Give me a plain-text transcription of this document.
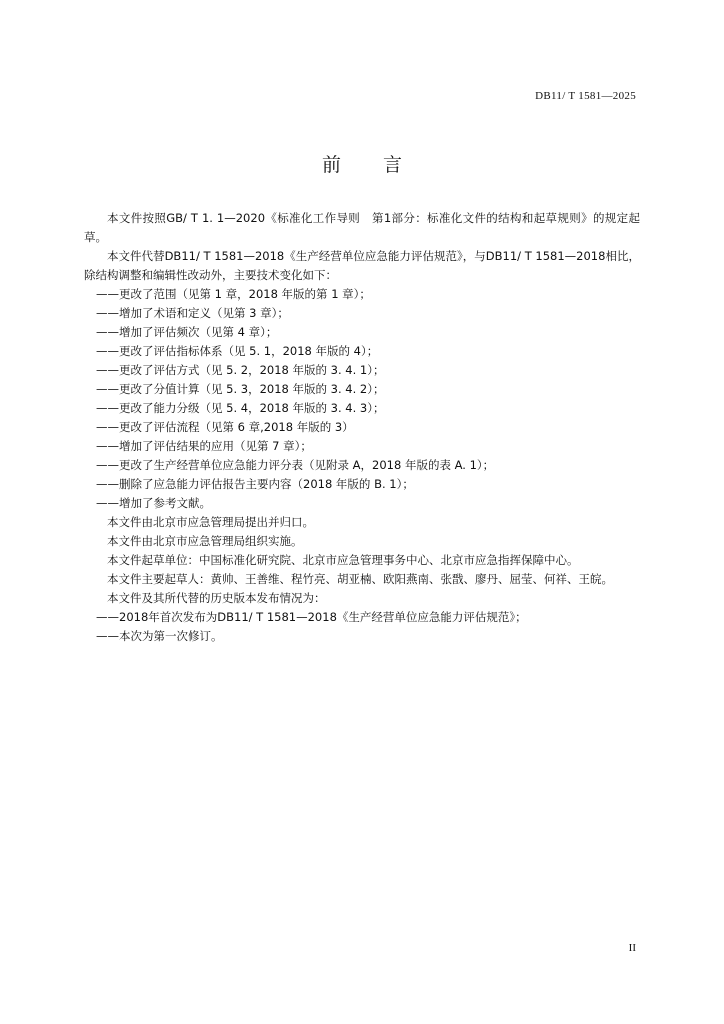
DB11/ T 1581—2025
前言

本文件按照GB/ T 1. 1—2020《标准化工作导则　第1部分：标准化文件的结构和起草规则》的规定起草。

本文件代替DB11/ T 1581—2018《生产经营单位应急能力评估规范》，与DB11/ T 1581—2018相比，除结构调整和编辑性改动外，主要技术变化如下：

——更改了范围（见第 1 章，2018 年版的第 1 章）；

——增加了术语和定义（见第 3 章）；

——增加了评估频次（见第 4 章）；

——更改了评估指标体系（见 5. 1，2018 年版的 4）；

——更改了评估方式（见 5. 2，2018 年版的 3. 4. 1）；

——更改了分值计算（见 5. 3，2018 年版的 3. 4. 2）；

——更改了能力分级（见 5. 4，2018 年版的 3. 4. 3）；

——更改了评估流程（见第 6 章,2018 年版的 3）

——增加了评估结果的应用（见第 7 章）；

——更改了生产经营单位应急能力评分表（见附录 A，2018 年版的表 A. 1）；

——删除了应急能力评估报告主要内容（2018 年版的 B. 1）；

——增加了参考文献。

本文件由北京市应急管理局提出并归口。

本文件由北京市应急管理局组织实施。

本文件起草单位：中国标准化研究院、北京市应急管理事务中心、北京市应急指挥保障中心。

本文件主要起草人：黄帅、王善维、程竹亮、胡亚楠、欧阳燕南、张戬、廖丹、屈莹、何祥、王皖。

本文件及其所代替的历史版本发布情况为：

——2018年首次发布为DB11/ T 1581—2018《生产经营单位应急能力评估规范》；

——本次为第一次修订。

II
